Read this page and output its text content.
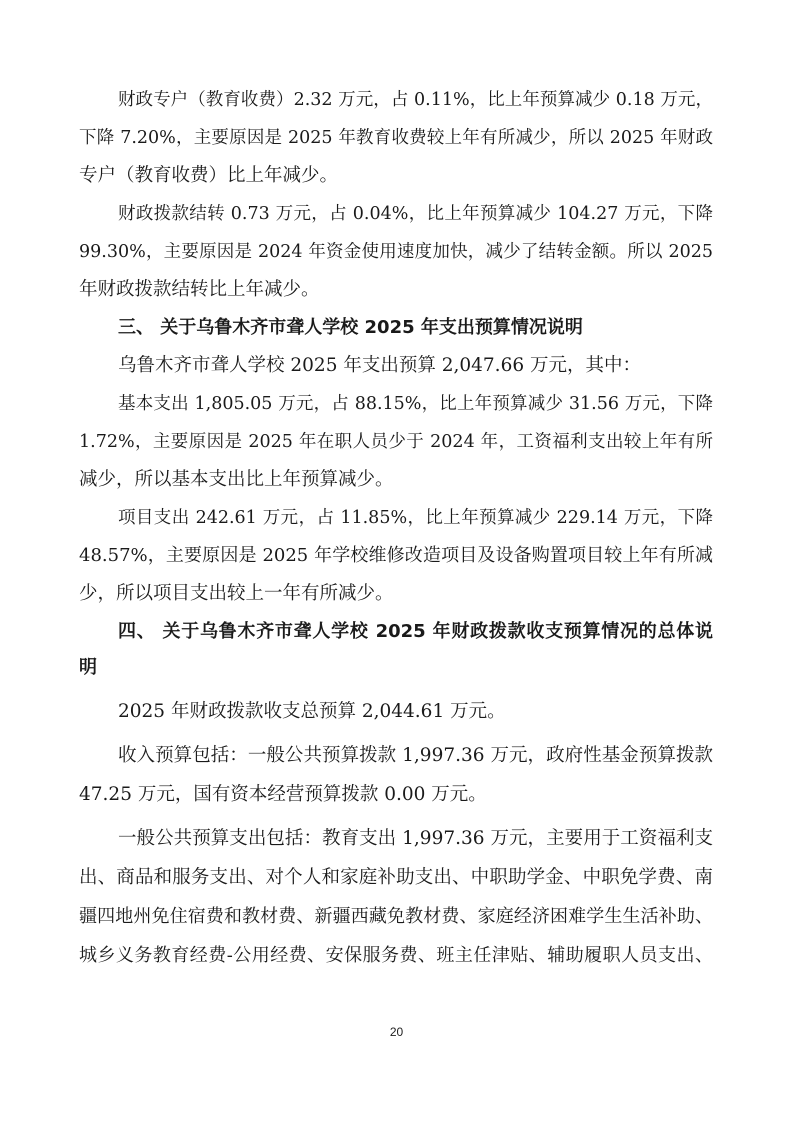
财政专户（教育收费）2.32 万元，占 0.11%，比上年预算减少 0.18 万元，
下降 7.20%，主要原因是 2025 年教育收费较上年有所减少，所以 2025 年财政
专户（教育收费）比上年减少。
财政拨款结转 0.73 万元，占 0.04%，比上年预算减少 104.27 万元，下降
99.30%，主要原因是 2024 年资金使用速度加快，减少了结转金额。所以 2025
年财政拨款结转比上年减少。
三、 关于乌鲁木齐市聋人学校 2025 年支出预算情况说明
乌鲁木齐市聋人学校 2025 年支出预算 2,047.66 万元，其中：
基本支出 1,805.05 万元，占 88.15%，比上年预算减少 31.56 万元，下降
1.72%，主要原因是 2025 年在职人员少于 2024 年，工资福利支出较上年有所
减少，所以基本支出比上年预算减少。
项目支出 242.61 万元，占 11.85%，比上年预算减少 229.14 万元，下降
48.57%，主要原因是 2025 年学校维修改造项目及设备购置项目较上年有所减
少，所以项目支出较上一年有所减少。
四、 关于乌鲁木齐市聋人学校 2025 年财政拨款收支预算情况的总体说
明
2025 年财政拨款收支总预算 2,044.61 万元。
收入预算包括：一般公共预算拨款 1,997.36 万元，政府性基金预算拨款
47.25 万元，国有资本经营预算拨款 0.00 万元。
一般公共预算支出包括：教育支出 1,997.36 万元，主要用于工资福利支
出、商品和服务支出、对个人和家庭补助支出、中职助学金、中职免学费、南
疆四地州免住宿费和教材费、新疆西藏免教材费、家庭经济困难学生生活补助、
城乡义务教育经费-公用经费、安保服务费、班主任津贴、辅助履职人员支出、
20
